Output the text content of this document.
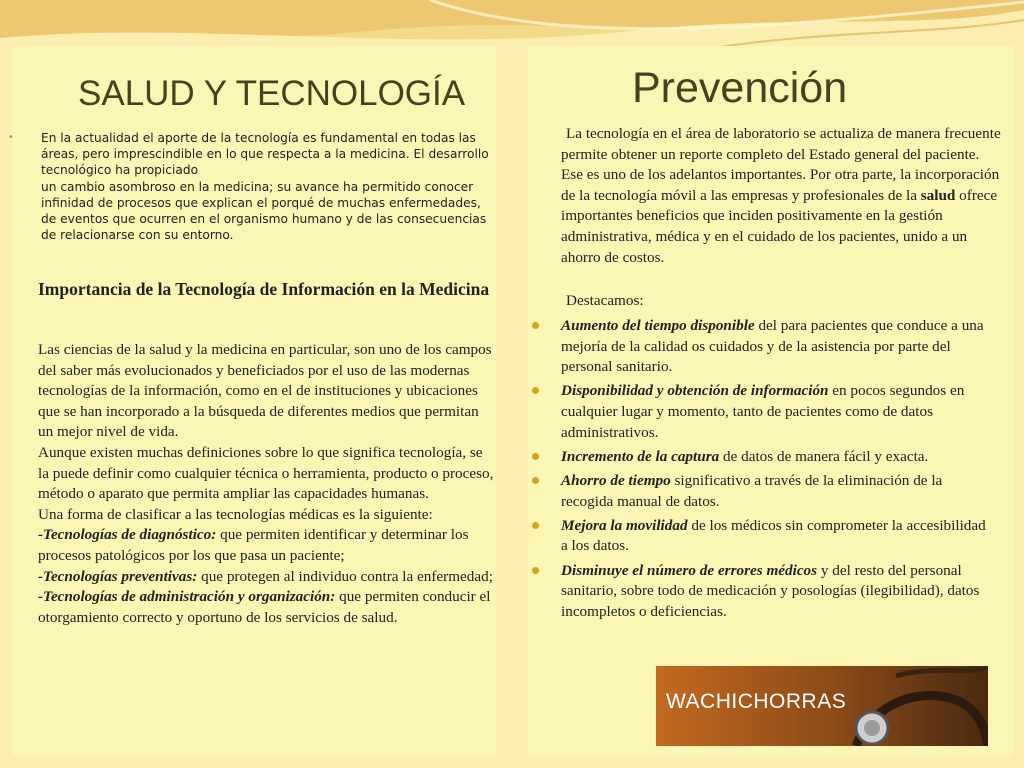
SALUD Y TECNOLOGÍA	Prevención
• En la actualidad el aporte de la tecnología es fundamental en todas las áreas, pero imprescindible en lo que respecta a la medicina. El desarrollo tecnológico ha propiciado

un cambio asombroso en la medicina; su avance ha permitido conocer infinidad de procesos que explican el porqué de muchas enfermedades, de eventos que ocurren en el organismo humano y de las consecuencias de relacionarse con su entorno.

Importancia de la Tecnología de Información en la Medicina

Las ciencias de la salud y la medicina en particular, son uno de los campos del saber más evolucionados y beneficiados por el uso de las modernas tecnologías de la información, como en el de instituciones y ubicaciones que se han incorporado a la búsqueda de diferentes medios que permitan un mejor nivel de vida.

Aunque existen muchas definiciones sobre lo que significa tecnología, se la puede definir como cualquier técnica o herramienta, producto o proceso, método o aparato que permita ampliar las capacidades humanas.

Una forma de clasificar a las tecnologías médicas es la siguiente:

-Tecnologías de diagnóstico: que permiten identificar y determinar los procesos patológicos por los que pasa un paciente;

-Tecnologías preventivas: que protegen al individuo contra la enfermedad;

-Tecnologías de administración y organización: que permiten conducir el otorgamiento correcto y oportuno de los servicios de salud.

La tecnología en el área de laboratorio se actualiza de manera frecuente permite obtener un reporte completo del Estado general del paciente. Ese es uno de los adelantos importantes. Por otra parte, la incorporación de la tecnología móvil a las empresas y profesionales de la salud ofrece importantes beneficios que inciden positivamente en la gestión administrativa, médica y en el cuidado de los pacientes, unido a un ahorro de costos.

Destacamos:

Aumento del tiempo disponible del para pacientes que conduce a una mejoría de la calidad os cuidados y de la asistencia por parte del personal sanitario.
Disponibilidad y obtención de información en pocos segundos en cualquier lugar y momento, tanto de pacientes como de datos administrativos.
Incremento de la captura de datos de manera fácil y exacta.
Ahorro de tiempo significativo a través de la eliminación de la recogida manual de datos.
Mejora la movilidad de los médicos sin comprometer la accesibilidad a los datos.
Disminuye el número de errores médicos y del resto del personal sanitario, sobre todo de medicación y posologías (ilegibilidad), datos incompletos o deficiencias.
WACHICHORRAS
